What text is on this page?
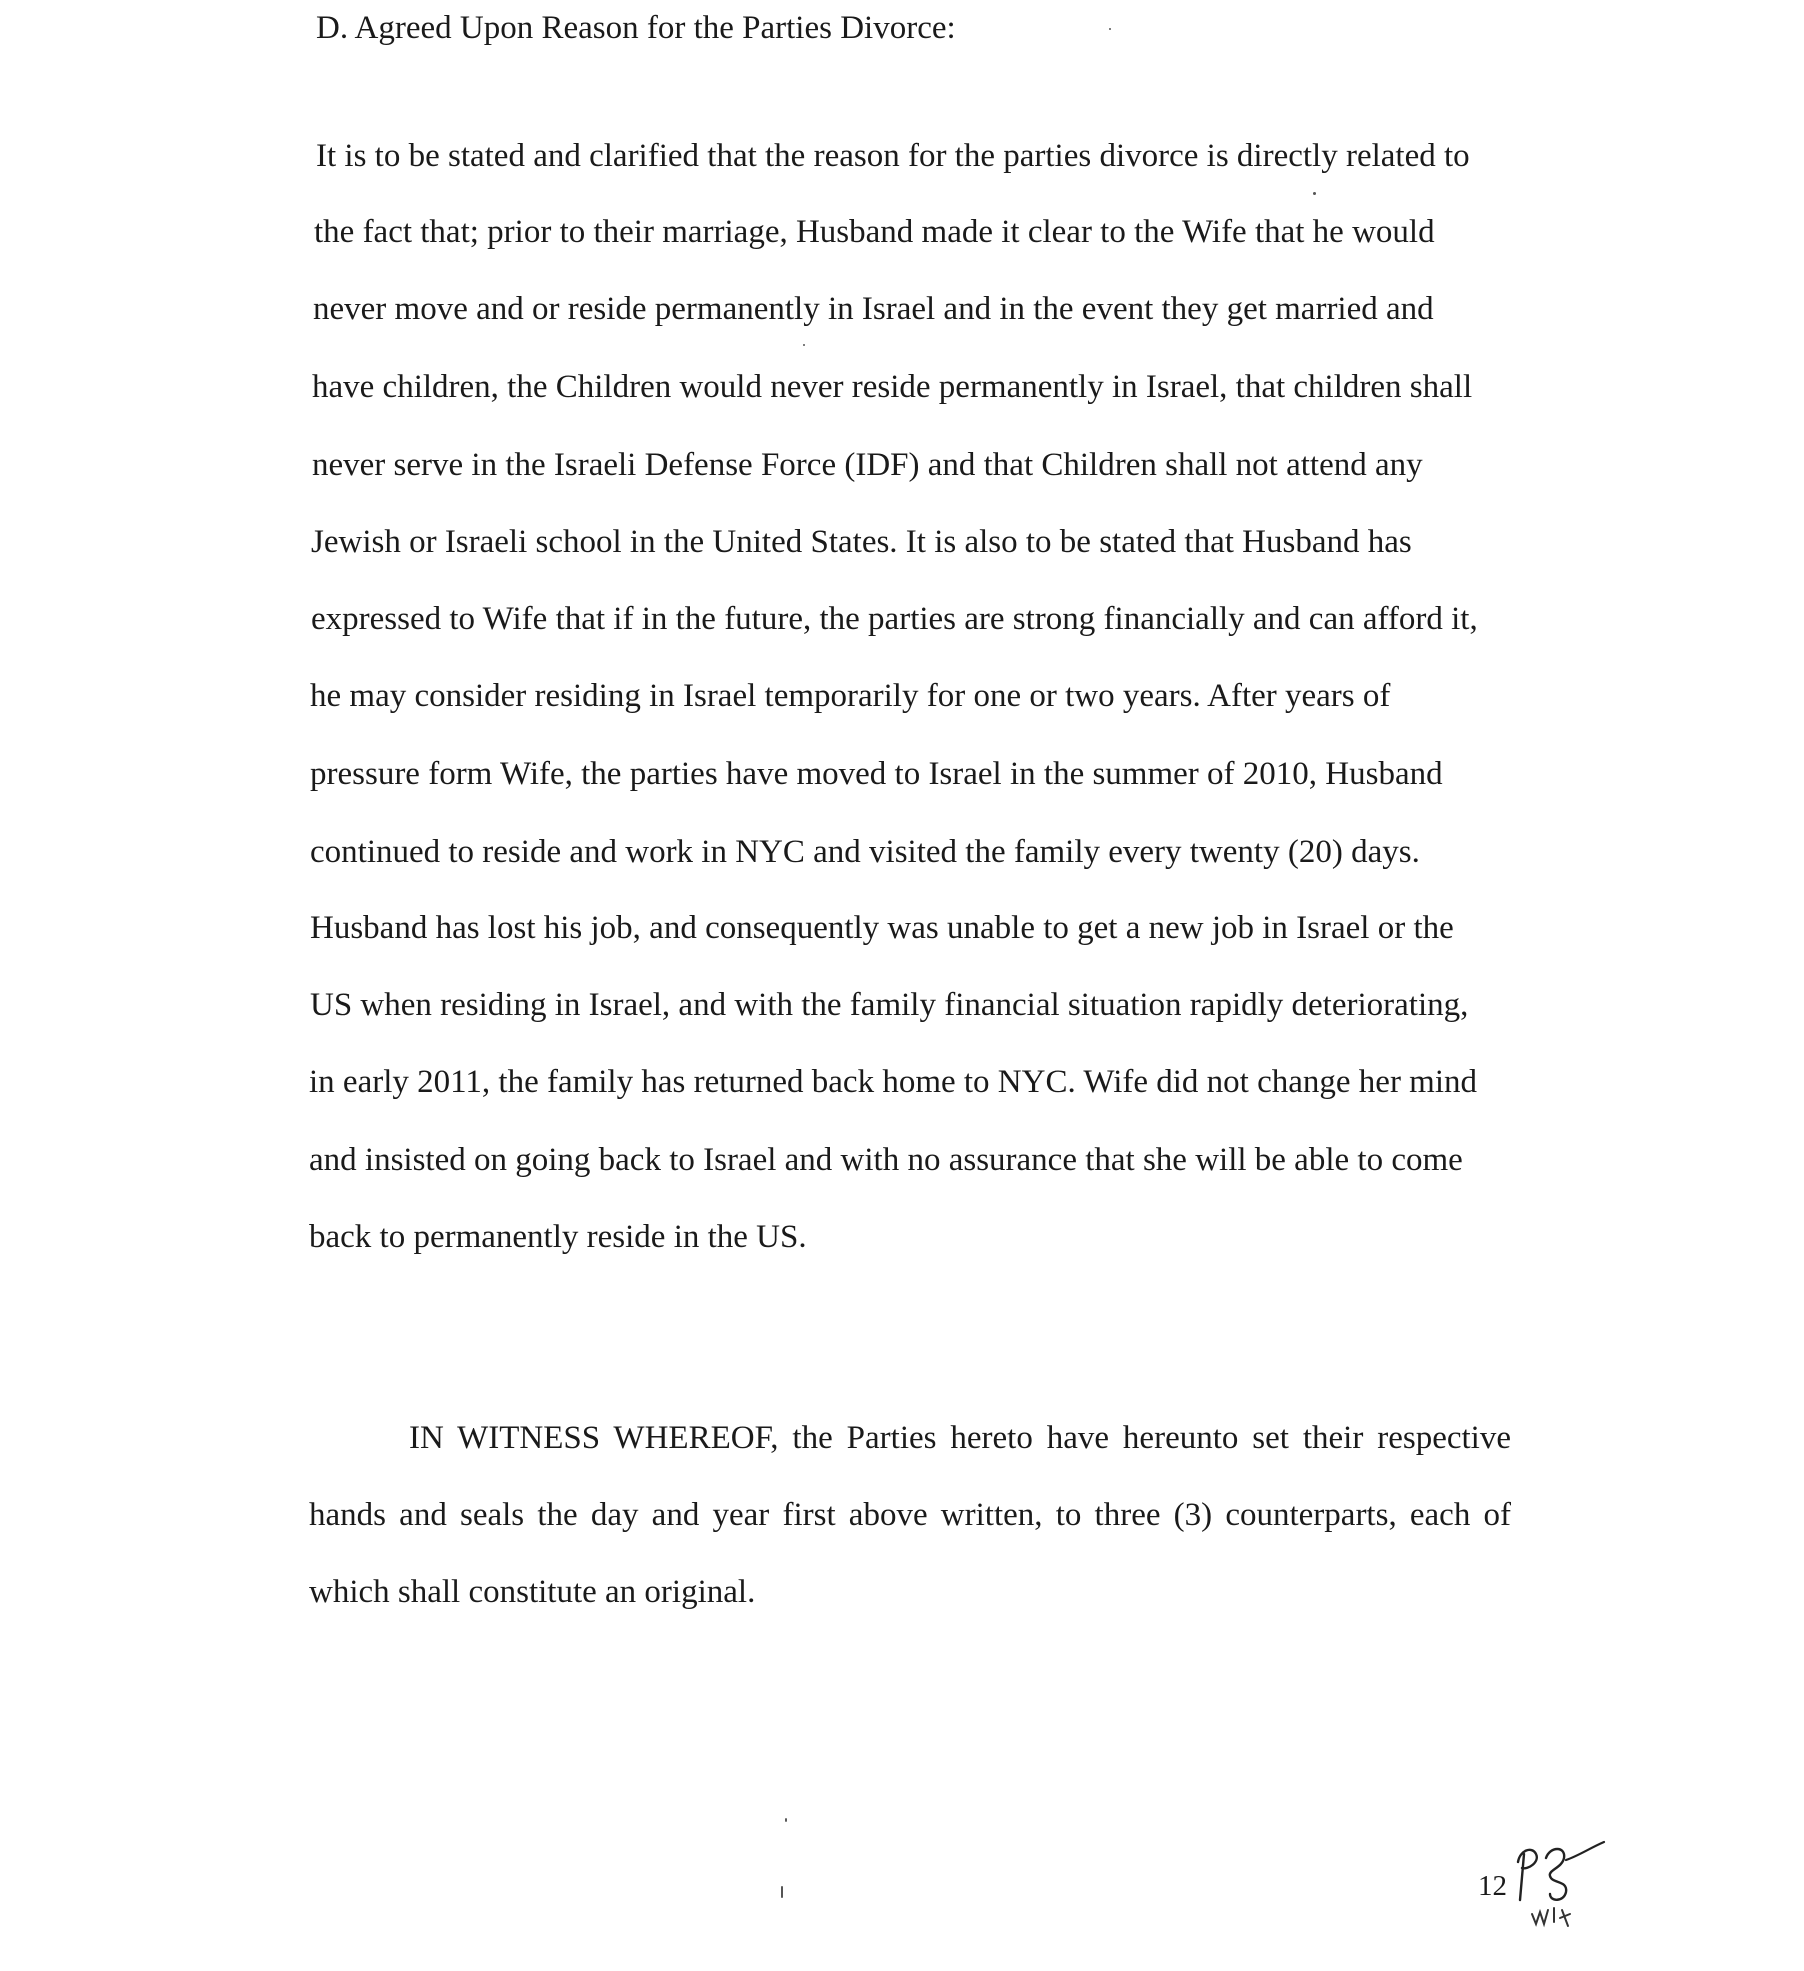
D. Agreed Upon Reason for the Parties Divorce:
It is to be stated and clarified that the reason for the parties divorce is directly related to
the fact that; prior to their marriage, Husband made it clear to the Wife that he would
never move and or reside permanently in Israel and in the event they get married and
have children, the Children would never reside permanently in Israel, that children shall
never serve in the Israeli Defense Force (IDF) and that Children shall not attend any
Jewish or Israeli school in the United States. It is also to be stated that Husband has
expressed to Wife that if in the future, the parties are strong financially and can afford it,
he may consider residing in Israel temporarily for one or two years. After years of
pressure form Wife, the parties have moved to Israel in the summer of 2010, Husband
continued to reside and work in NYC and visited the family every twenty (20) days.
Husband has lost his job, and consequently was unable to get a new job in Israel or the
US when residing in Israel, and with the family financial situation rapidly deteriorating,
in early 2011, the family has returned back home to NYC. Wife did not change her mind
and insisted on going back to Israel and with no assurance that she will be able to come
back to permanently reside in the US.
IN WITNESS WHEREOF, the Parties hereto have hereunto set their respective
hands and seals the day and year first above written, to three (3) counterparts, each of
which shall constitute an original.
12
